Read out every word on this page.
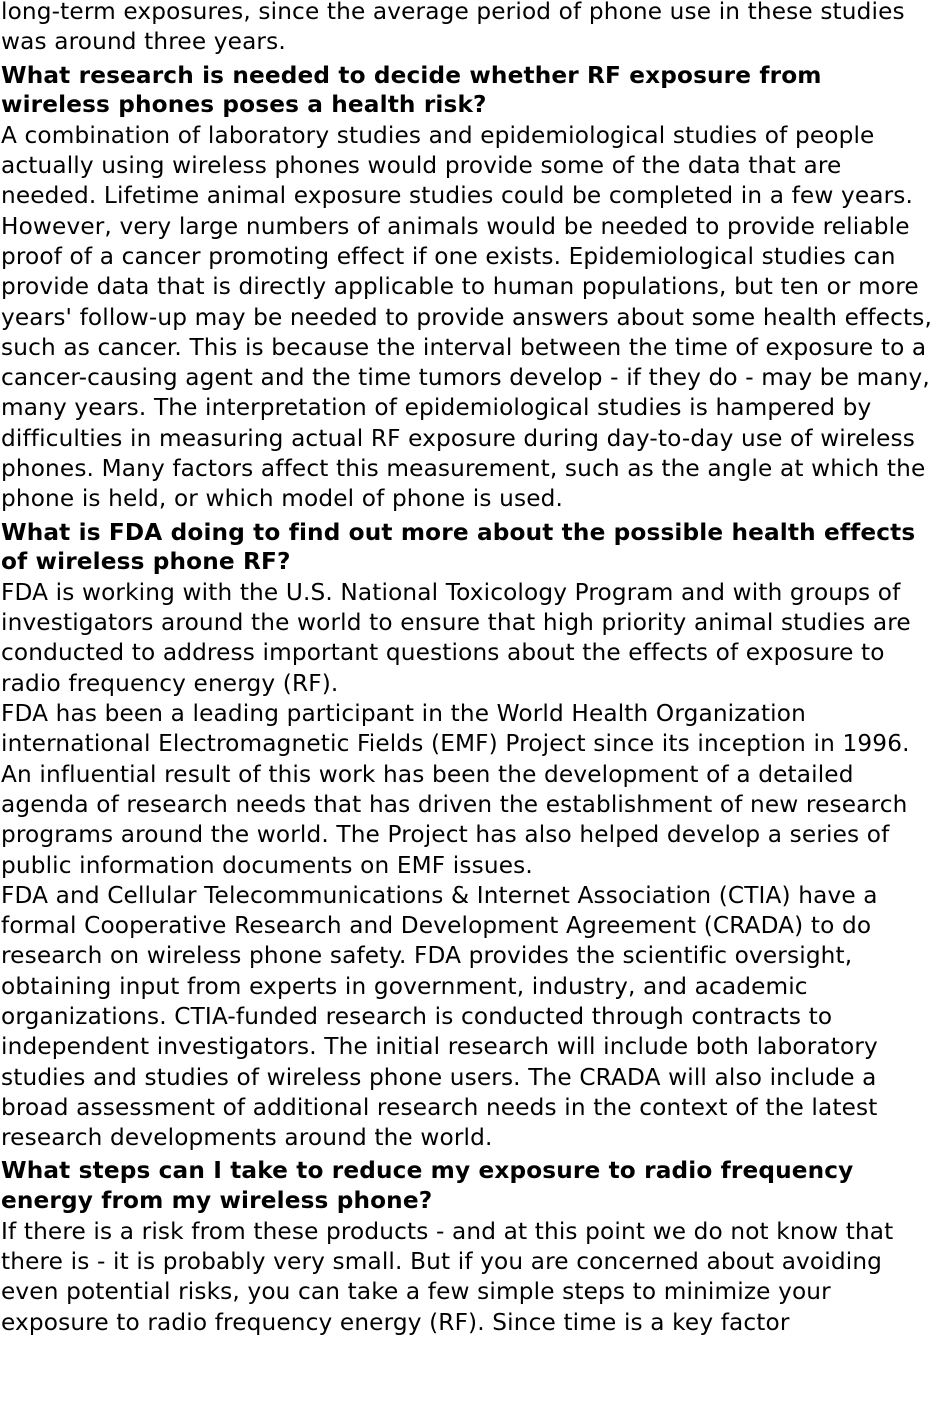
long-term exposures, since the average period of phone use in these studies was around three years.

What research is needed to decide whether RF exposure from wireless phones poses a health risk?

A combination of laboratory studies and epidemiological studies of people actually using wireless phones would provide some of the data that are needed. Lifetime animal exposure studies could be completed in a few years. However, very large numbers of animals would be needed to provide reliable proof of a cancer promoting effect if one exists. Epidemiological studies can provide data that is directly applicable to human populations, but ten or more years' follow-up may be needed to provide answers about some health effects, such as cancer. This is because the interval between the time of exposure to a cancer-causing agent and the time tumors develop - if they do - may be many, many years. The interpretation of epidemiological studies is hampered by difficulties in measuring actual RF exposure during day-to-day use of wireless phones. Many factors affect this measurement, such as the angle at which the phone is held, or which model of phone is used.

What is FDA doing to find out more about the possible health effects of wireless phone RF?

FDA is working with the U.S. National Toxicology Program and with groups of investigators around the world to ensure that high priority animal studies are conducted to address important questions about the effects of exposure to radio frequency energy (RF).

FDA has been a leading participant in the World Health Organization international Electromagnetic Fields (EMF) Project since its inception in 1996. An influential result of this work has been the development of a detailed agenda of research needs that has driven the establishment of new research programs around the world. The Project has also helped develop a series of public information documents on EMF issues.

FDA and Cellular Telecommunications & Internet Association (CTIA) have a formal Cooperative Research and Development Agreement (CRADA) to do research on wireless phone safety. FDA provides the scientific oversight, obtaining input from experts in government, industry, and academic organizations. CTIA-funded research is conducted through contracts to independent investigators. The initial research will include both laboratory studies and studies of wireless phone users. The CRADA will also include a broad assessment of additional research needs in the context of the latest research developments around the world.

What steps can I take to reduce my exposure to radio frequency energy from my wireless phone?

If there is a risk from these products - and at this point we do not know that there is - it is probably very small. But if you are concerned about avoiding even potential risks, you can take a few simple steps to minimize your exposure to radio frequency energy (RF). Since time is a key factor
